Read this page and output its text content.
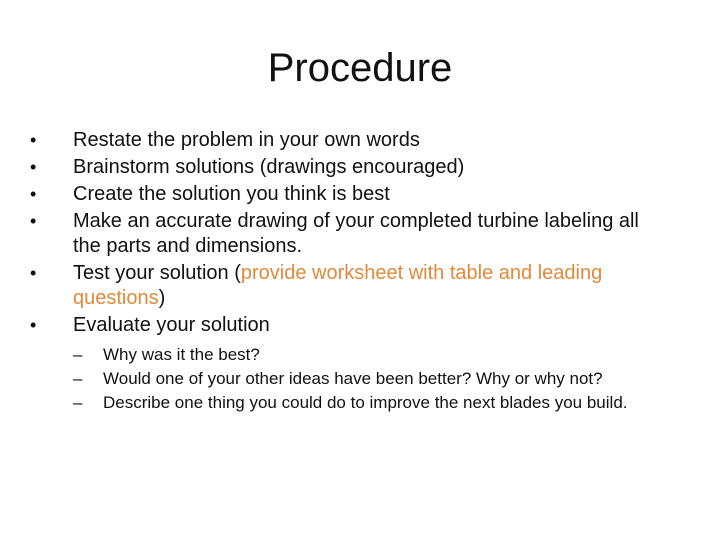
Procedure
•	Restate the problem in your own words
•	Brainstorm solutions (drawings encouraged)
•	Create the solution you think is best
•	Make an accurate drawing of your completed turbine labeling all the parts and dimensions.
•	Test your solution (provide worksheet with table and leading questions)
•	Evaluate your solution
–	Why was it the best?
–	Would one of your other ideas have been better? Why or why not?
–	Describe one thing you could do to improve the next blades you build.
